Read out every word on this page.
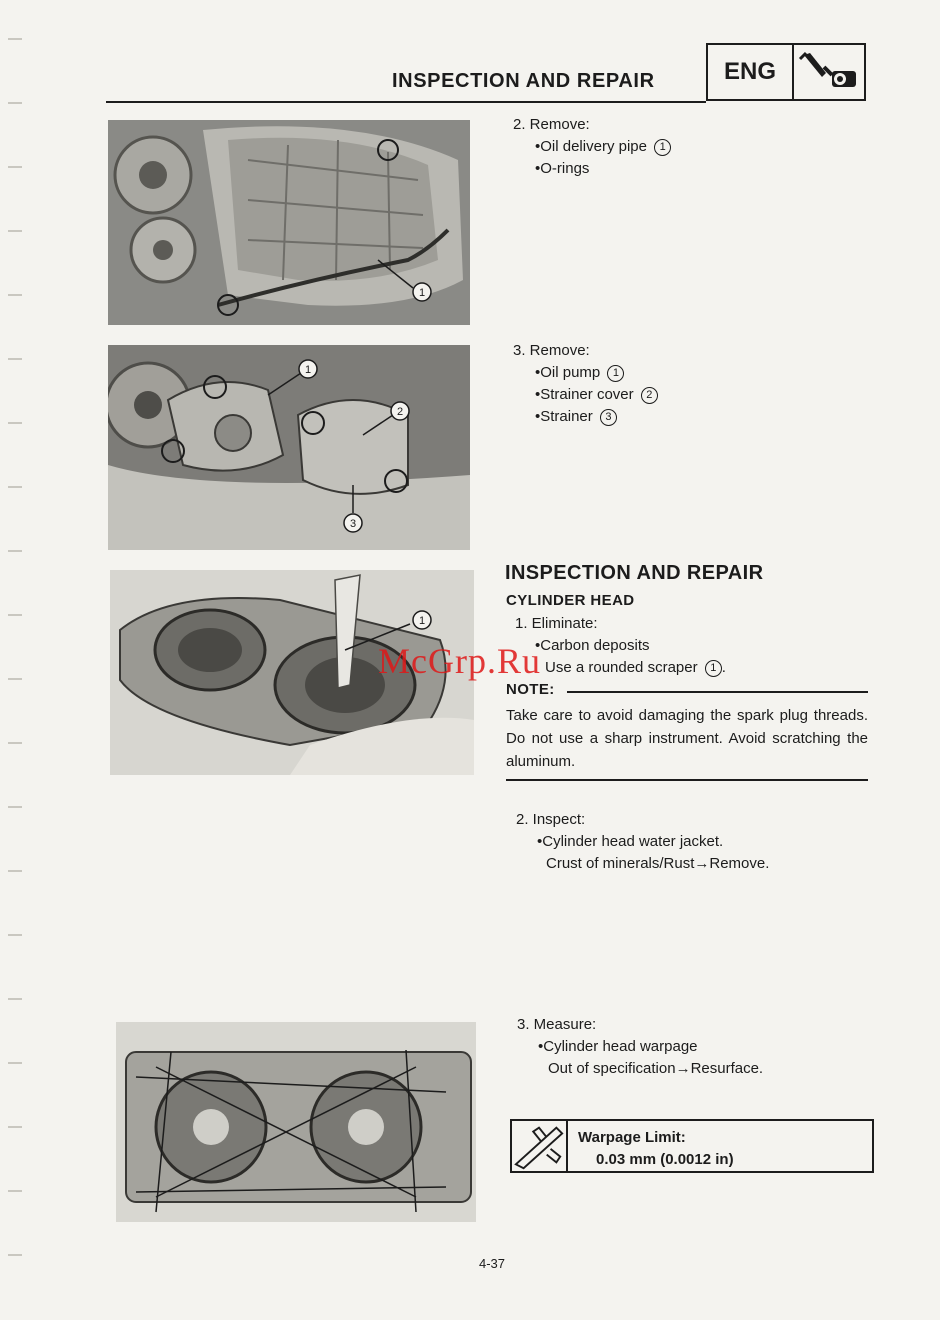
INSPECTION AND REPAIR	ENG
1
1
2
3
1
2. Remove:
•Oil delivery pipe 1
•O-rings
3. Remove:
•Oil pump 1
•Strainer cover 2
•Strainer 3
INSPECTION AND REPAIR
CYLINDER HEAD
1. Eliminate:
•Carbon deposits
Use a rounded scraper 1 .
NOTE:
Take care to avoid damaging the spark plug threads. Do not use a sharp instrument. Avoid scratching the aluminum.
2. Inspect:
•Cylinder head water jacket.
Crust of minerals/Rust→Remove.
3. Measure:
•Cylinder head warpage
Out of specification→Resurface.
Warpage Limit:
0.03 mm (0.0012 in)
4-37
McGrp.Ru
